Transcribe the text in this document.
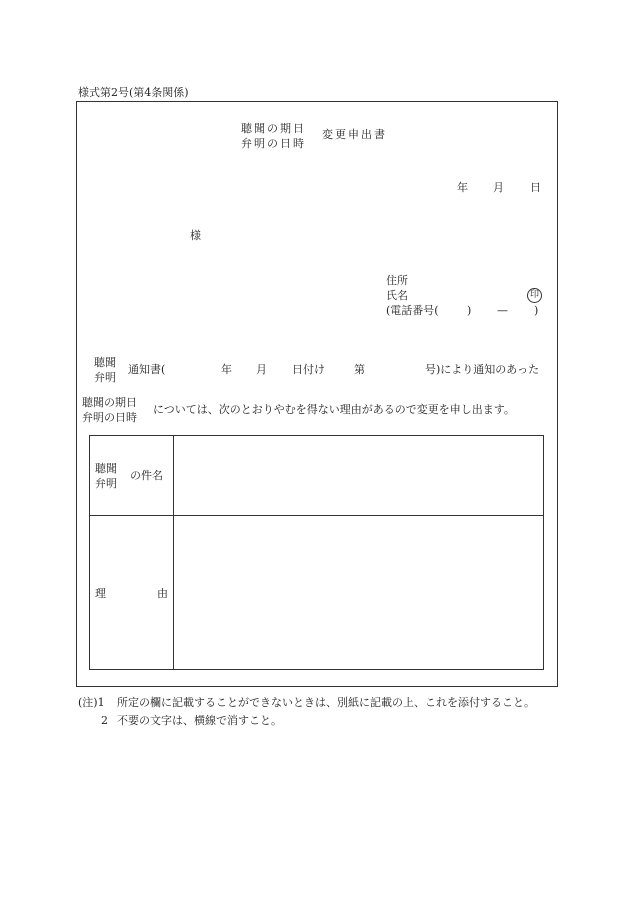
様式第2号(第4条関係)
聴聞の期日
弁明の日時
変更申出書
年 月 日
様
住所
氏名	印
(電話番号(	) — )
聴聞
弁明
通知書(	年 月 日付け	第	号)により通知のあった
聴聞の期日
弁明の日時
については、次のとおりやむを得ない理由があるので変更を申し出ます。
聴聞
弁明
の件名
理	由
(注)1 所定の欄に記載することができないときは、別紙に記載の上、これを添付すること。
2 不要の文字は、横線で消すこと。
